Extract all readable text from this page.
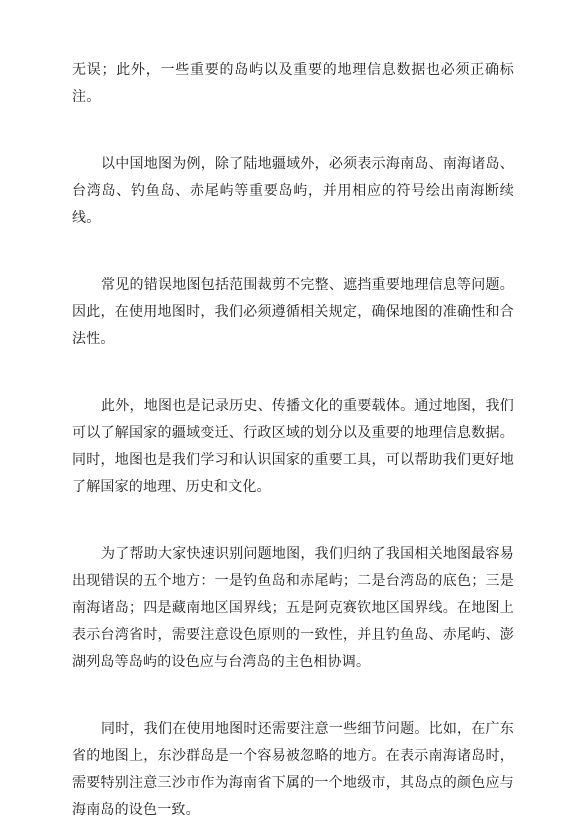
无误；此外，一些重要的岛屿以及重要的地理信息数据也必须正确标注。

以中国地图为例，除了陆地疆域外，必须表示海南岛、南海诸岛、台湾岛、钓鱼岛、赤尾屿等重要岛屿，并用相应的符号绘出南海断续线。

常见的错误地图包括范围裁剪不完整、遮挡重要地理信息等问题。因此，在使用地图时，我们必须遵循相关规定，确保地图的准确性和合法性。

此外，地图也是记录历史、传播文化的重要载体。通过地图，我们可以了解国家的疆域变迁、行政区域的划分以及重要的地理信息数据。同时，地图也是我们学习和认识国家的重要工具，可以帮助我们更好地了解国家的地理、历史和文化。

为了帮助大家快速识别问题地图，我们归纳了我国相关地图最容易出现错误的五个地方：一是钓鱼岛和赤尾屿；二是台湾岛的底色；三是南海诸岛；四是藏南地区国界线；五是阿克赛钦地区国界线。在地图上表示台湾省时，需要注意设色原则的一致性，并且钓鱼岛、赤尾屿、澎湖列岛等岛屿的设色应与台湾岛的主色相协调。

同时，我们在使用地图时还需要注意一些细节问题。比如，在广东省的地图上，东沙群岛是一个容易被忽略的地方。在表示南海诸岛时，需要特别注意三沙市作为海南省下属的一个地级市，其岛点的颜色应与海南岛的设色一致。
